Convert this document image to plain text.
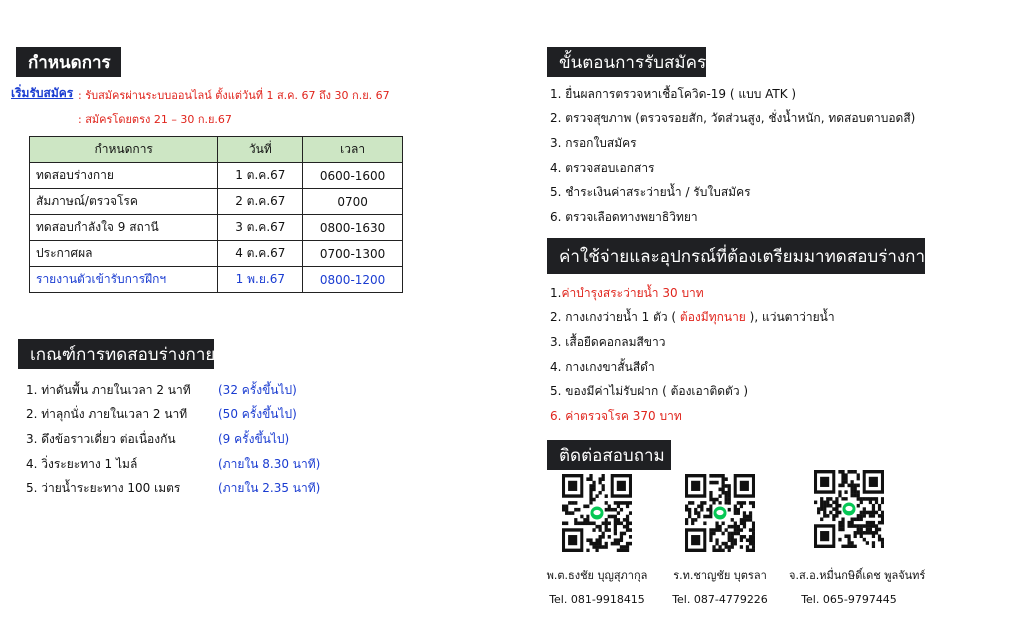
กำหนดการ
เริ่มรับสมัคร : รับสมัครผ่านระบบออนไลน์ ตั้งแต่วันที่ 1 ส.ค. 67 ถึง 30 ก.ย. 67
: สมัครโดยตรง 21 – 30 ก.ย.67
กำหนดการ	วันที่	เวลา
ทดสอบร่างกาย	1 ต.ค.67	0600-1600
สัมภาษณ์/ตรวจโรค	2 ต.ค.67	0700
ทดสอบกำลังใจ 9 สถานี	3 ต.ค.67	0800-1630
ประกาศผล	4 ต.ค.67	0700-1300
รายงานตัวเข้ารับการฝึกฯ	1 พ.ย.67	0800-1200
เกณฑ์การทดสอบร่างกาย
1. ท่าดันพื้น ภายในเวลา 2 นาที (32 ครั้งขึ้นไป)
2. ท่าลุกนั่ง ภายในเวลา 2 นาที	(50 ครั้งขึ้นไป)
3. ดึงข้อราวเดี่ยว ต่อเนื่องกัน	(9 ครั้งขึ้นไป)
4. วิ่งระยะทาง 1 ไมล์	(ภายใน 8.30 นาที)
5. ว่ายน้ำระยะทาง 100 เมตร	(ภายใน 2.35 นาที)
ขั้นตอนการรับสมัคร
1. ยื่นผลการตรวจหาเชื้อโควิด-19 ( แบบ ATK )
2. ตรวจสุขภาพ (ตรวจรอยสัก, วัดส่วนสูง, ชั่งน้ำหนัก, ทดสอบตาบอดสี)
3. กรอกใบสมัคร
4. ตรวจสอบเอกสาร
5. ชำระเงินค่าสระว่ายน้ำ / รับใบสมัคร
6. ตรวจเลือดทางพยาธิวิทยา
ค่าใช้จ่ายและอุปกรณ์ที่ต้องเตรียมมาทดสอบร่างกาย
1. ค่าบำรุงสระว่ายน้ำ 30 บาท
2. กางเกงว่ายน้ำ 1 ตัว ( ต้องมีทุกนาย ), แว่นตาว่ายน้ำ
3. เสื้อยืดคอกลมสีขาว
4. กางเกงขาสั้นสีดำ
5. ของมีค่าไม่รับฝาก ( ต้องเอาติดตัว )
6. ค่าตรวจโรค 370 บาท
ติดต่อสอบถาม
พ.ต.ธงชัย บุญสุภากุล
Tel. 081-9918415
ร.ท.ชาญชัย บุตรลา
Tel. 087-4779226
จ.ส.อ.หมื่นกษิดิ์เดช พูลจันทร์
Tel. 065-9797445
